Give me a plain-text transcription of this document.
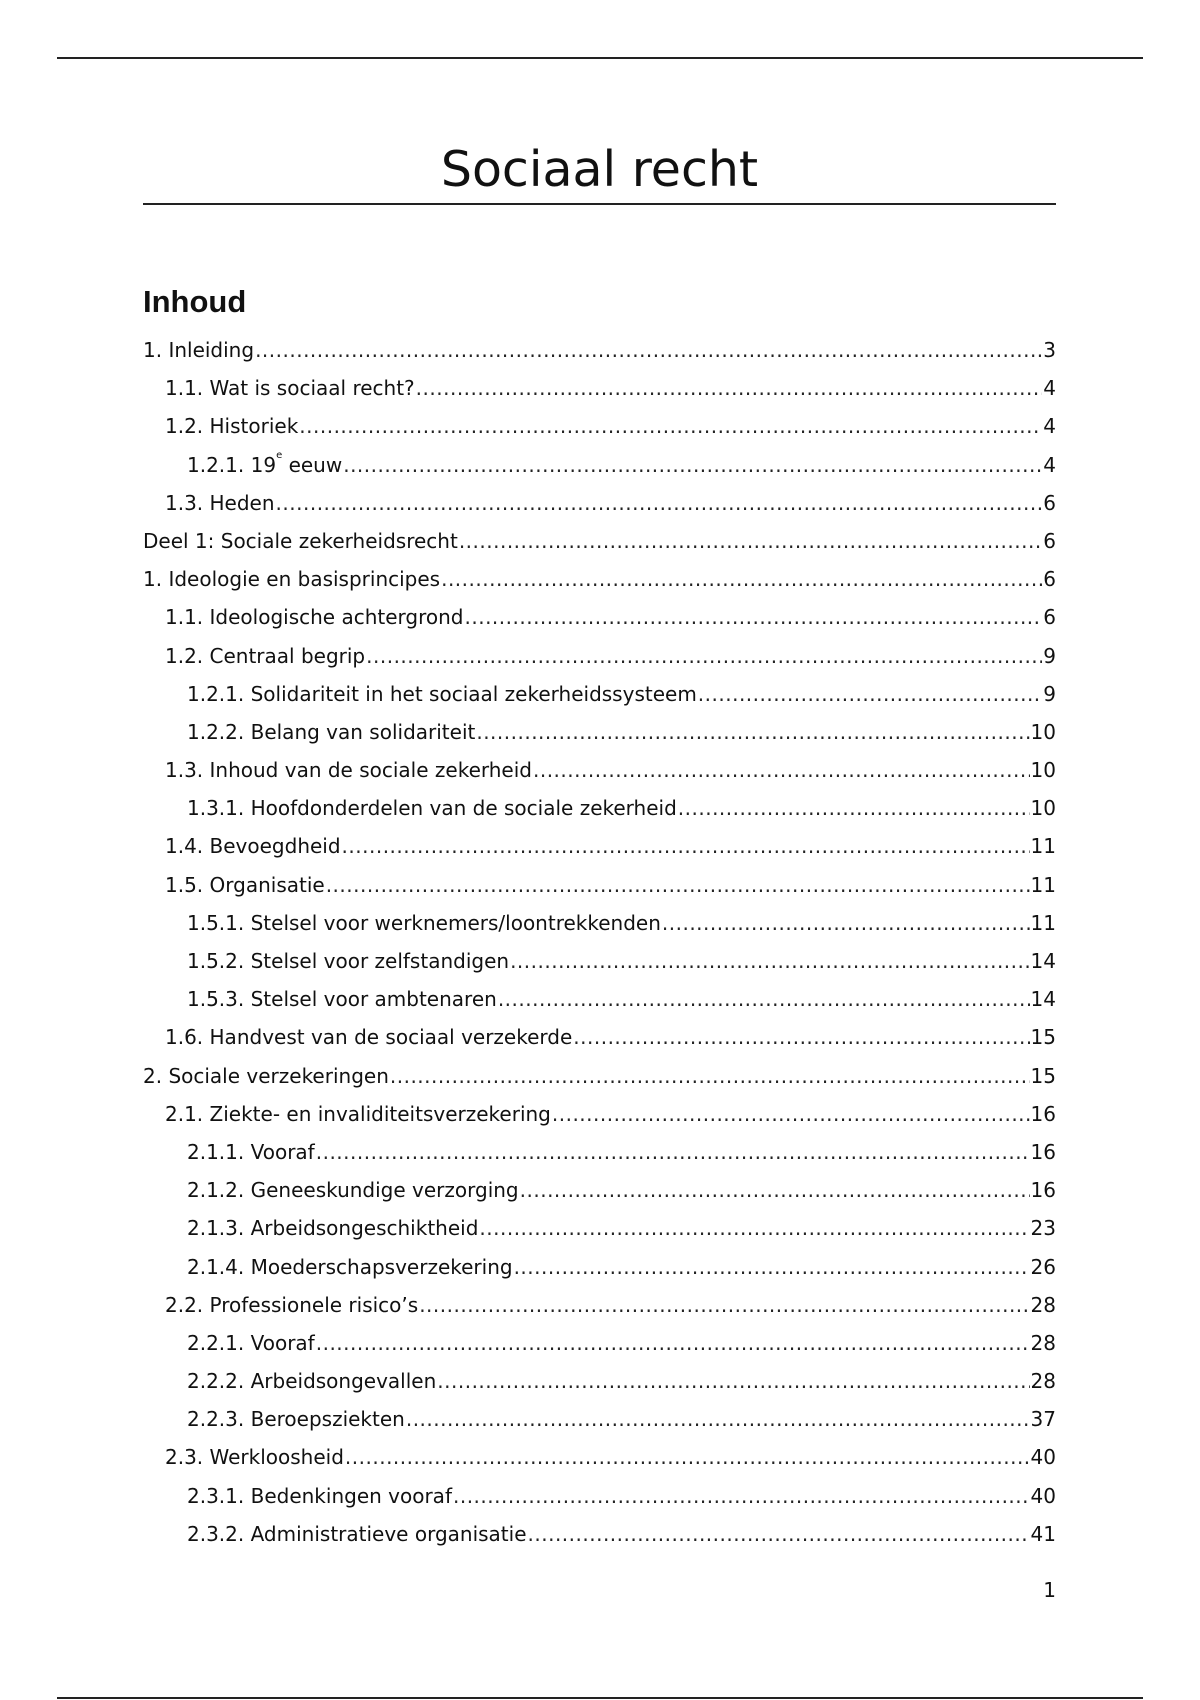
Sociaal recht
Inhoud
1. Inleiding .....	3
1.1. Wat is sociaal recht? .....	4
1.2. Historiek .....	4
1.2.1. 19e eeuw .....	4
1.3. Heden .....	6
Deel 1: Sociale zekerheidsrecht .....	6
1. Ideologie en basisprincipes .....	6
1.1. Ideologische achtergrond .....	6
1.2. Centraal begrip .....	9
1.2.1. Solidariteit in het sociaal zekerheidssysteem .....	9
1.2.2. Belang van solidariteit .....	10
1.3. Inhoud van de sociale zekerheid .....	10
1.3.1. Hoofdonderdelen van de sociale zekerheid .....	10
1.4. Bevoegdheid .....	11
1.5. Organisatie .....	11
1.5.1. Stelsel voor werknemers/loontrekkenden .....	11
1.5.2. Stelsel voor zelfstandigen .....	14
1.5.3. Stelsel voor ambtenaren .....	14
1.6. Handvest van de sociaal verzekerde .....	15
2. Sociale verzekeringen .....	15
2.1. Ziekte- en invaliditeitsverzekering .....	16
2.1.1. Vooraf .....	16
2.1.2. Geneeskundige verzorging .....	16
2.1.3. Arbeidsongeschiktheid .....	23
2.1.4. Moederschapsverzekering .....	26
2.2. Professionele risico’s .....	28
2.2.1. Vooraf .....	28
2.2.2. Arbeidsongevallen .....	28
2.2.3. Beroepsziekten .....	37
2.3. Werkloosheid .....	40
2.3.1. Bedenkingen vooraf .....	40
2.3.2. Administratieve organisatie .....	41
1
